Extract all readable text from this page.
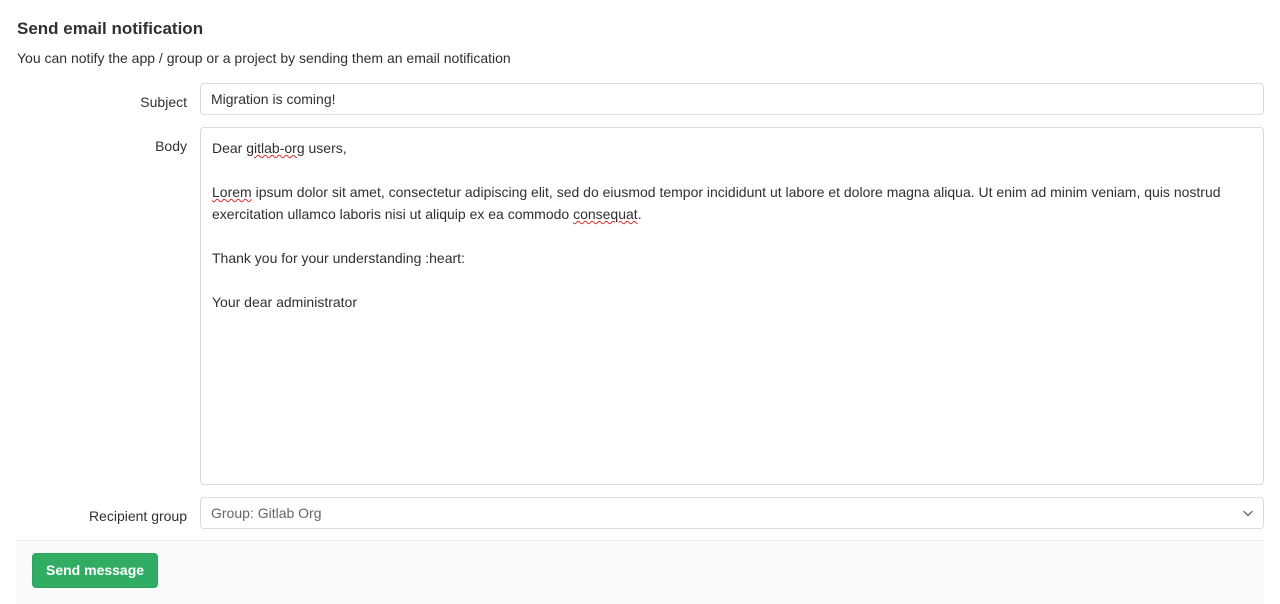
Send email notification

You can notify the app / group or a project by sending them an email notification

Subject
Migration is coming!
Body	Dear gitlab-org users,

Lorem ipsum dolor sit amet, consectetur adipiscing elit, sed do eiusmod tempor incididunt ut labore et dolore magna aliqua. Ut enim ad minim veniam, quis nostrud exercitation ullamco laboris nisi ut aliquip ex ea commodo consequat.

Thank you for your understanding :heart:

Your dear administrator

Recipient group
Group: Gitlab Org
Send message
